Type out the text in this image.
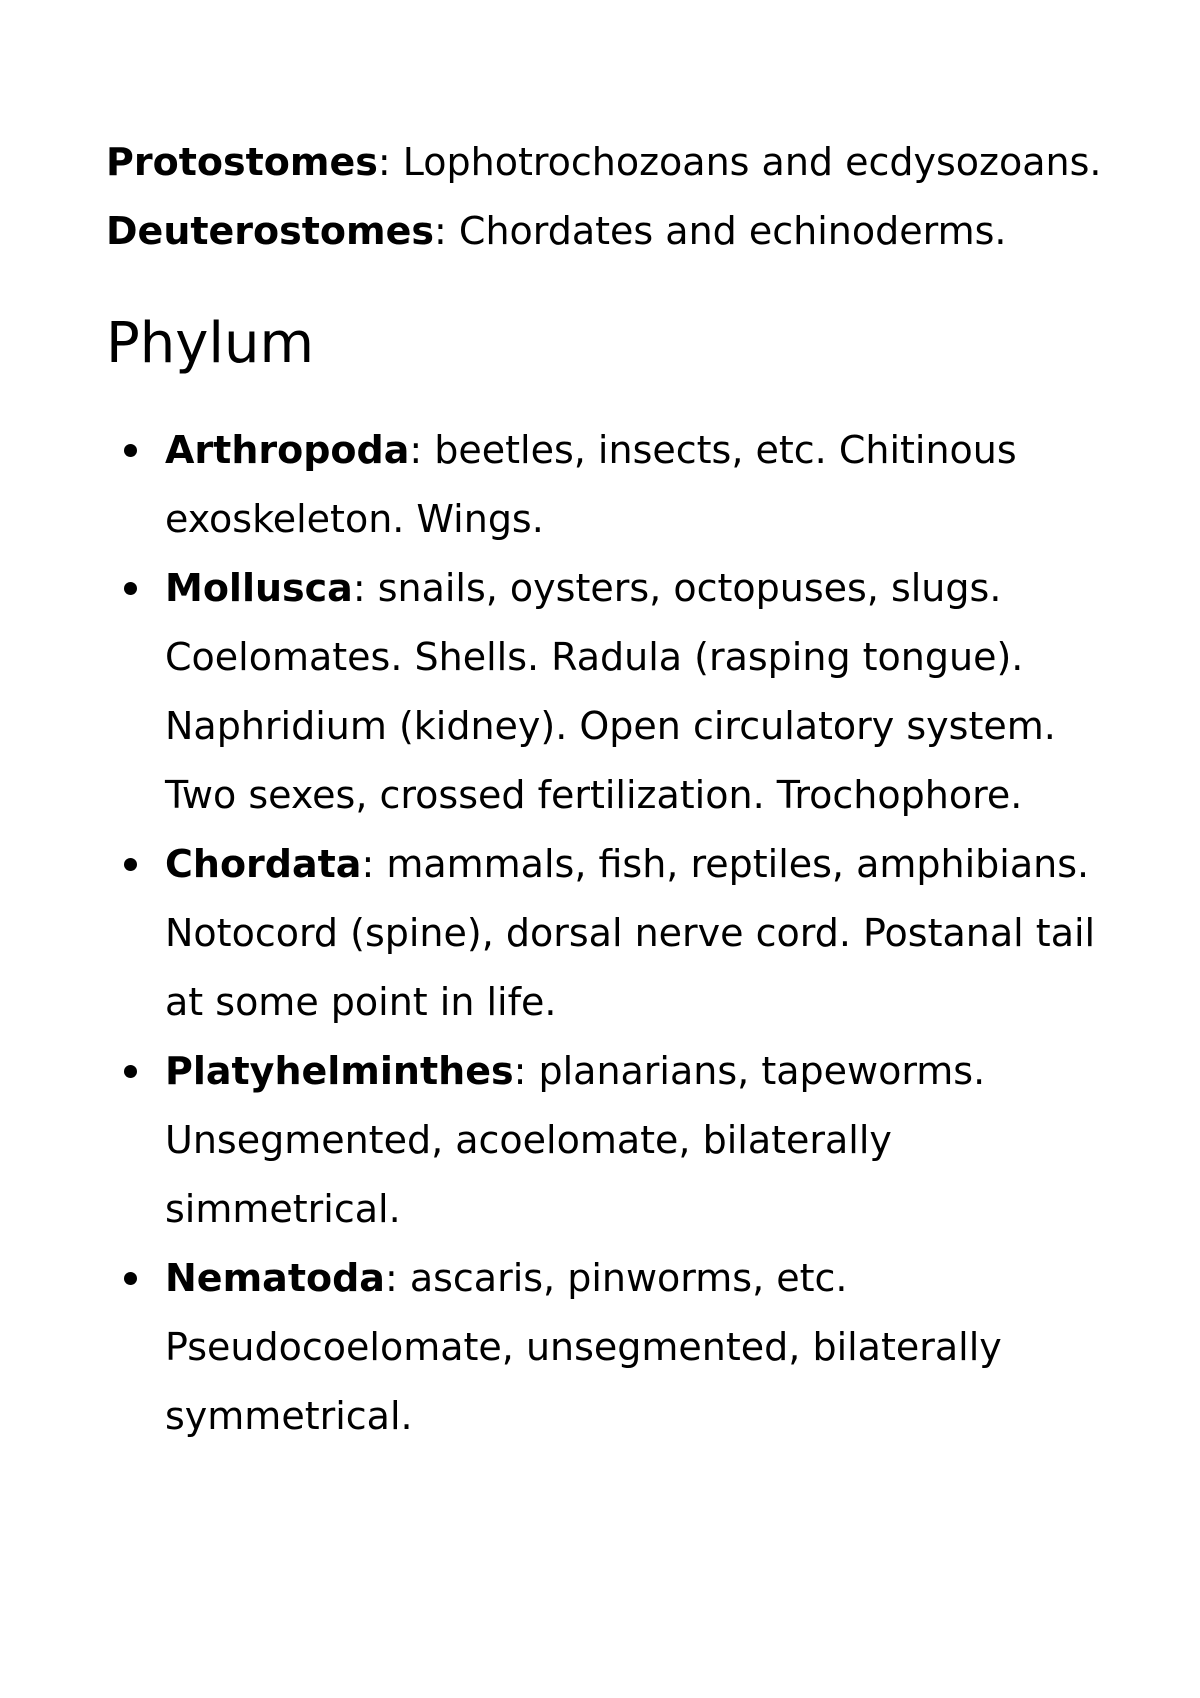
Protostomes: Lophotrochozoans and ecdysozoans.

Deuterostomes: Chordates and echinoderms.

Phylum
Arthropoda: beetles, insects, etc. Chitinous exoskeleton. Wings.
Mollusca: snails, oysters, octopuses, slugs. Coelomates. Shells. Radula (rasping tongue). Naphridium (kidney). Open circulatory system. Two sexes, crossed fertilization. Trochophore.
Chordata: mammals, fish, reptiles, amphibians. Notocord (spine), dorsal nerve cord. Postanal tail at some point in life.
Platyhelminthes: planarians, tapeworms. Unsegmented, acoelomate, bilaterally simmetrical.
Nematoda: ascaris, pinworms, etc. Pseudocoelomate, unsegmented, bilaterally symmetrical.
